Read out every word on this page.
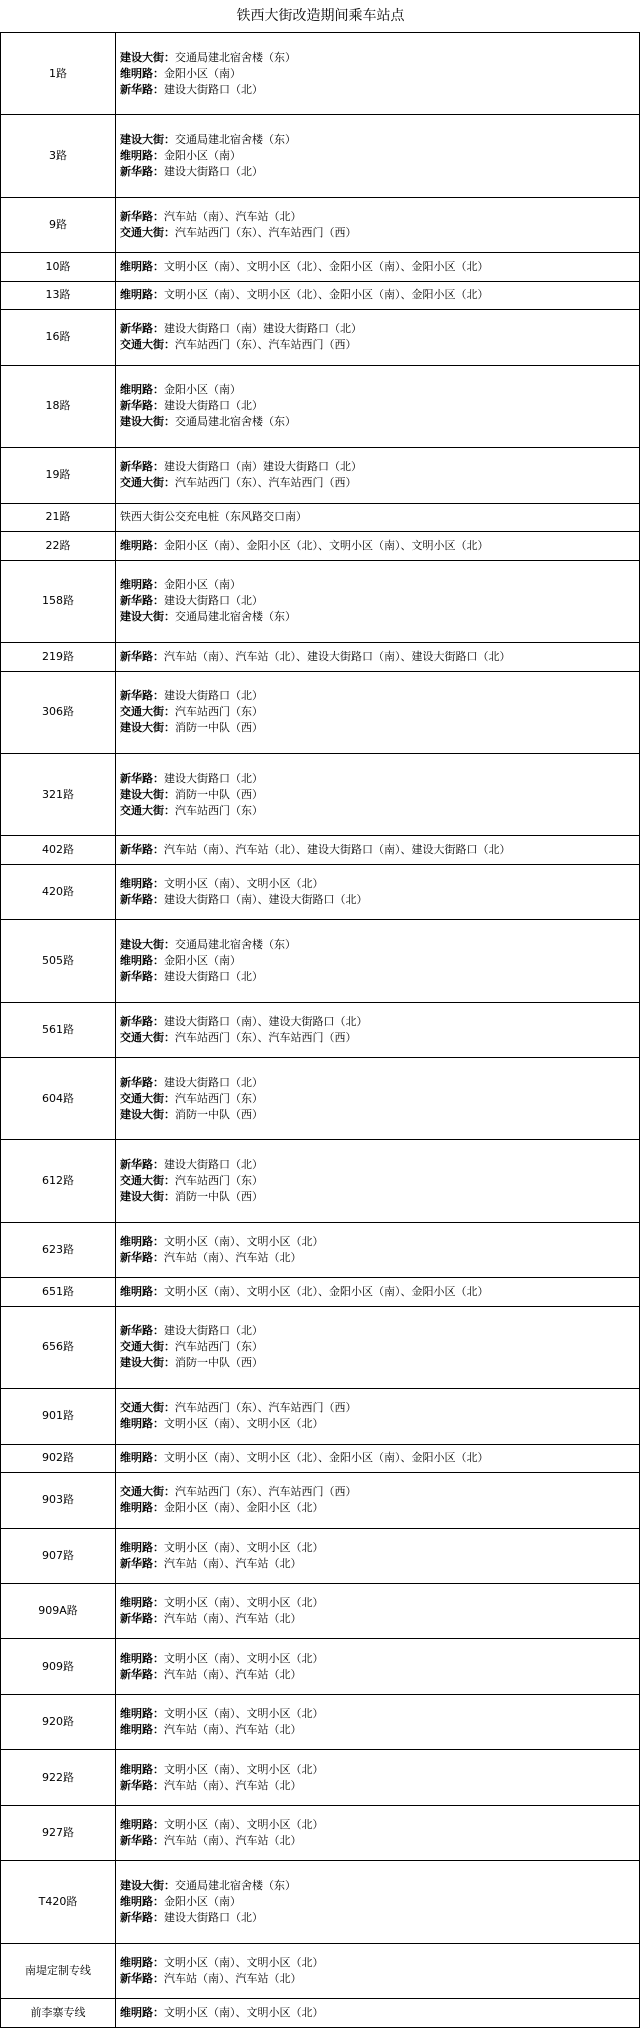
铁西大街改造期间乘车站点
1路	建设大街：交通局建北宿舍楼（东）
维明路：金阳小区（南）
新华路：建设大街路口（北）

3路	建设大街：交通局建北宿舍楼（东）
维明路：金阳小区（南）
新华路：建设大街路口（北）

9路	新华路：汽车站（南）、汽车站（北）
交通大街：汽车站西门（东）、汽车站西门（西）

10路	维明路：文明小区（南）、文明小区（北）、金阳小区（南）、金阳小区（北）

13路	维明路：文明小区（南）、文明小区（北）、金阳小区（南）、金阳小区（北）

16路	新华路：建设大街路口（南）建设大街路口（北）
交通大街：汽车站西门（东）、汽车站西门（西）

18路	维明路：金阳小区（南）
新华路：建设大街路口（北）
建设大街：交通局建北宿舍楼（东）

19路	新华路：建设大街路口（南）建设大街路口（北）
交通大街：汽车站西门（东）、汽车站西门（西）

21路	铁西大街公交充电桩（东风路交口南）

22路	维明路：金阳小区（南）、金阳小区（北）、文明小区（南）、文明小区（北）

158路	维明路：金阳小区（南）
新华路：建设大街路口（北）
建设大街：交通局建北宿舍楼（东）

219路	新华路：汽车站（南）、汽车站（北）、建设大街路口（南）、建设大街路口（北）

306路	新华路：建设大街路口（北）
交通大街：汽车站西门（东）
建设大街：消防一中队（西）

321路	新华路：建设大街路口（北）
建设大街：消防一中队（西）
交通大街：汽车站西门（东）

402路	新华路：汽车站（南）、汽车站（北）、建设大街路口（南）、建设大街路口（北）

420路	维明路：文明小区（南）、文明小区（北）
新华路：建设大街路口（南）、建设大街路口（北）

505路	建设大街：交通局建北宿舍楼（东）
维明路：金阳小区（南）
新华路：建设大街路口（北）

561路	新华路：建设大街路口（南）、建设大街路口（北）
交通大街：汽车站西门（东）、汽车站西门（西）

604路	新华路：建设大街路口（北）
交通大街：汽车站西门（东）
建设大街：消防一中队（西）

612路	新华路：建设大街路口（北）
交通大街：汽车站西门（东）
建设大街：消防一中队（西）

623路	维明路：文明小区（南）、文明小区（北）
新华路：汽车站（南）、汽车站（北）

651路	维明路：文明小区（南）、文明小区（北）、金阳小区（南）、金阳小区（北）

656路	新华路：建设大街路口（北）
交通大街：汽车站西门（东）
建设大街：消防一中队（西）

901路	交通大街：汽车站西门（东）、汽车站西门（西）
维明路：文明小区（南）、文明小区（北）

902路	维明路：文明小区（南）、文明小区（北）、金阳小区（南）、金阳小区（北）

903路	交通大街：汽车站西门（东）、汽车站西门（西）
维明路：金阳小区（南）、金阳小区（北）

907路	维明路：文明小区（南）、文明小区（北）
新华路：汽车站（南）、汽车站（北）

909A路	维明路：文明小区（南）、文明小区（北）
新华路：汽车站（南）、汽车站（北）

909路	维明路：文明小区（南）、文明小区（北）
新华路：汽车站（南）、汽车站（北）

920路	维明路：文明小区（南）、文明小区（北）
维明路：汽车站（南）、汽车站（北）

922路	维明路：文明小区（南）、文明小区（北）
新华路：汽车站（南）、汽车站（北）

927路	维明路：文明小区（南）、文明小区（北）
新华路：汽车站（南）、汽车站（北）

T420路	建设大街：交通局建北宿舍楼（东）
维明路：金阳小区（南）
新华路：建设大街路口（北）

南堤定制专线	维明路：文明小区（南）、文明小区（北）
新华路：汽车站（南）、汽车站（北）

前李寨专线	维明路：文明小区（南）、文明小区（北）
